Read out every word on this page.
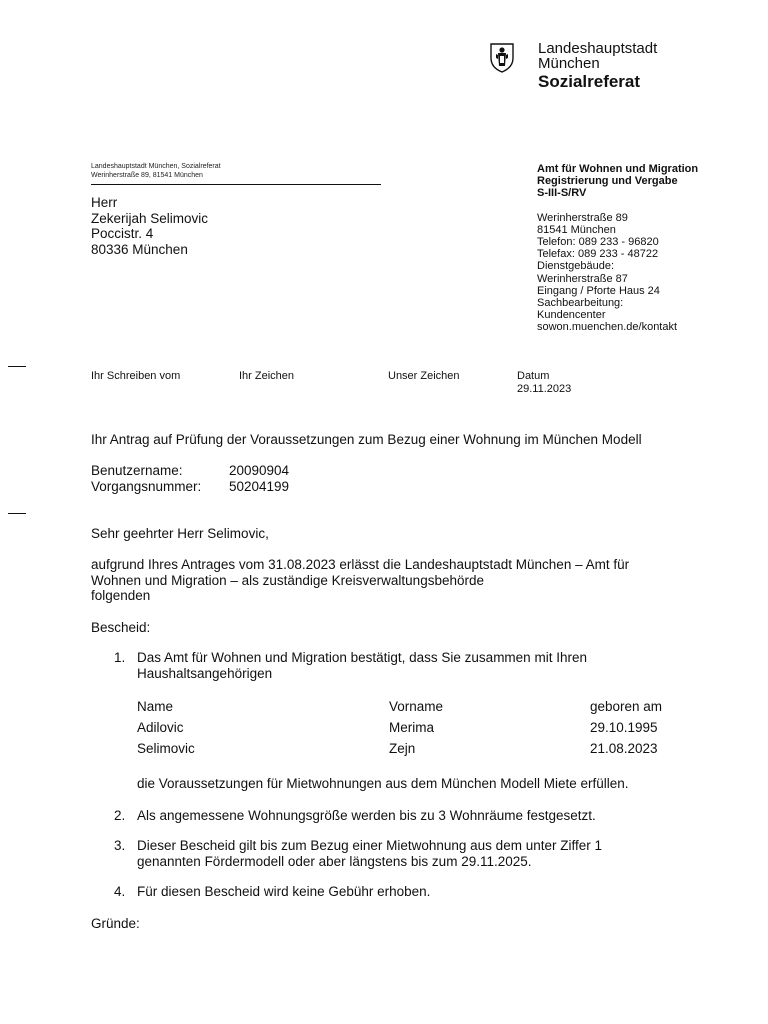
Landeshauptstadt
München
Sozialreferat
Landeshauptstadt München, Sozialreferat
Werinherstraße 89, 81541 München
Herr
Zekerijah Selimovic
Poccistr. 4
80336 München
Amt für Wohnen und Migration
Registrierung und Vergabe
S-III-S/RV
Werinherstraße 89
81541 München
Telefon: 089 233 - 96820
Telefax: 089 233 - 48722
Dienstgebäude:
Werinherstraße 87
Eingang / Pforte Haus 24
Sachbearbeitung:
Kundencenter
sowon.muenchen.de/kontakt
Ihr Schreiben vom	Ihr Zeichen	Unser Zeichen	Datum
29.11.2023
Ihr Antrag auf Prüfung der Voraussetzungen zum Bezug einer Wohnung im München Modell
Benutzername:	20090904
Vorgangsnummer: 50204199
Sehr geehrter Herr Selimovic,
aufgrund Ihres Antrages vom 31.08.2023 erlässt die Landeshauptstadt München – Amt für
Wohnen und Migration – als zuständige Kreisverwaltungsbehörde
folgenden
Bescheid:
1. Das Amt für Wohnen und Migration bestätigt, dass Sie zusammen mit Ihren
Haushaltsangehörigen
Name	Vorname	geboren am
Adilovic	Merima	29.10.1995
Selimovic	Zejn	21.08.2023
die Voraussetzungen für Mietwohnungen aus dem München Modell Miete erfüllen.
2. Als angemessene Wohnungsgröße werden bis zu 3 Wohnräume festgesetzt.
3. Dieser Bescheid gilt bis zum Bezug einer Mietwohnung aus dem unter Ziffer 1
genannten Fördermodell oder aber längstens bis zum 29.11.2025.
4. Für diesen Bescheid wird keine Gebühr erhoben.
Gründe:
